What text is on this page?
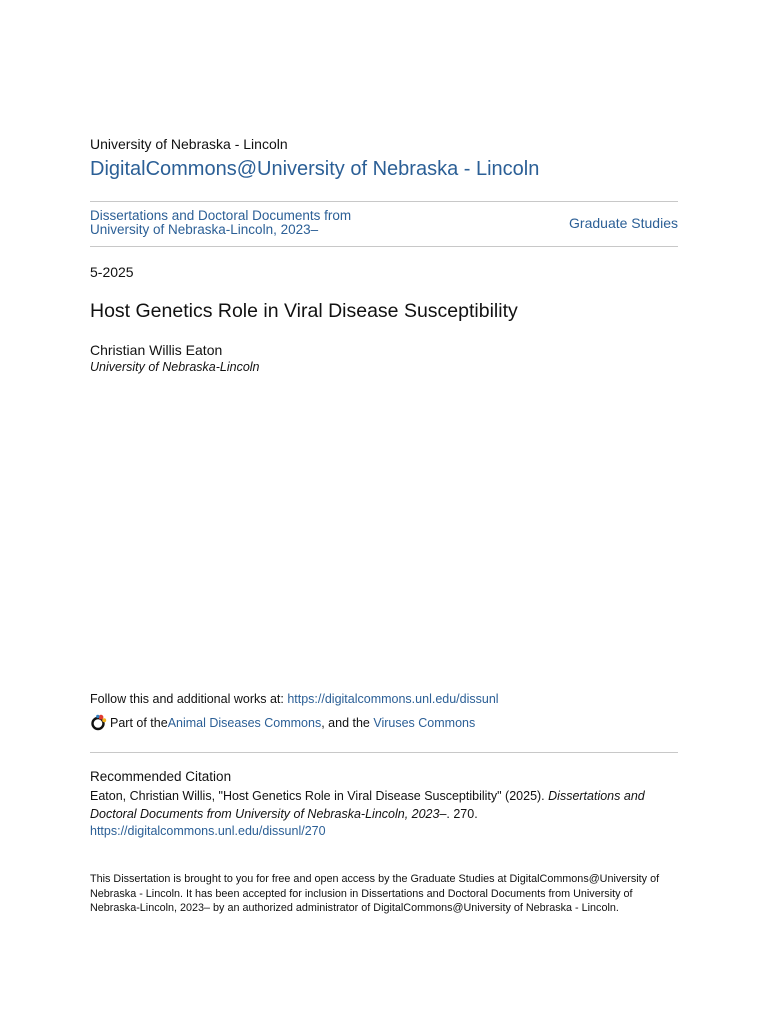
University of Nebraska - Lincoln
DigitalCommons@University of Nebraska - Lincoln
Dissertations and Doctoral Documents from
University of Nebraska-Lincoln, 2023–	Graduate Studies
5-2025
Host Genetics Role in Viral Disease Susceptibility
Christian Willis Eaton
University of Nebraska-Lincoln
Follow this and additional works at: https://digitalcommons.unl.edu/dissunl
Part of the Animal Diseases Commons , and the Viruses Commons
Recommended Citation
Eaton, Christian Willis, "Host Genetics Role in Viral Disease Susceptibility" (2025). Dissertations and Doctoral Documents from University of Nebraska-Lincoln, 2023–. 270.
https://digitalcommons.unl.edu/dissunl/270
This Dissertation is brought to you for free and open access by the Graduate Studies at DigitalCommons@University of Nebraska - Lincoln. It has been accepted for inclusion in Dissertations and Doctoral Documents from University of Nebraska-Lincoln, 2023– by an authorized administrator of DigitalCommons@University of Nebraska - Lincoln.
